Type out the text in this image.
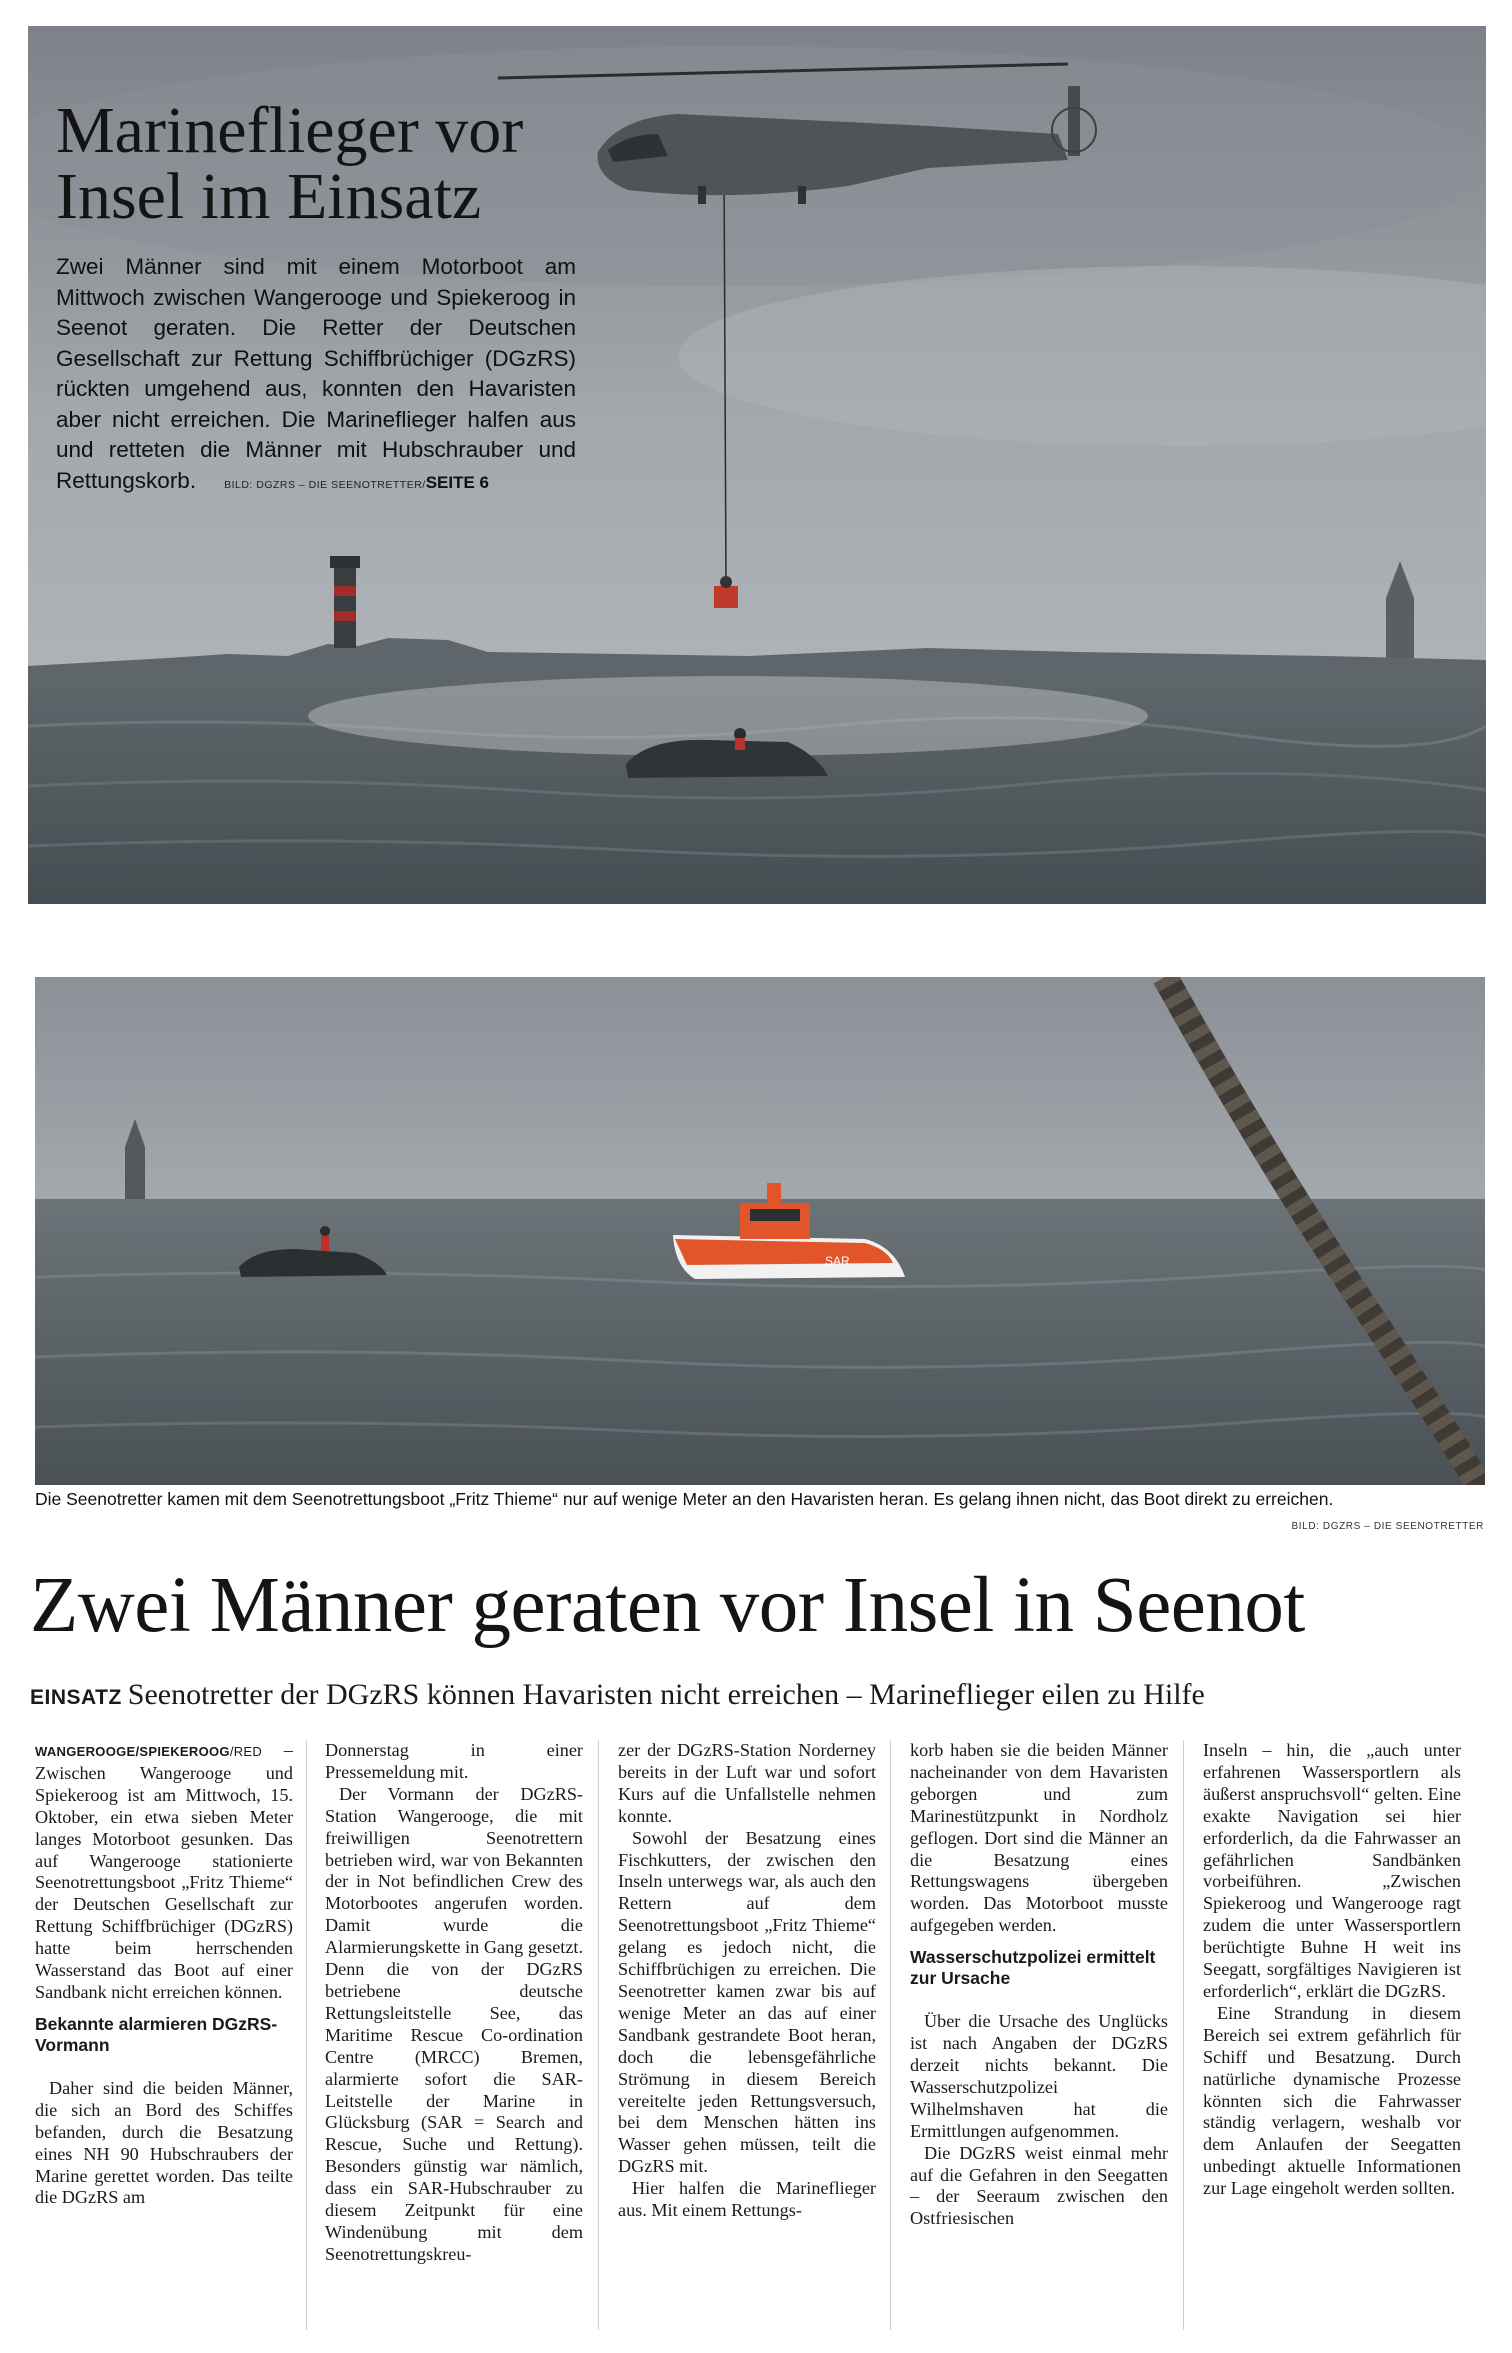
Marineflieger vor
Insel im Einsatz

Zwei Männer sind mit einem Motorboot am Mittwoch zwischen Wangerooge und Spiekeroog in Seenot geraten. Die Retter der Deutschen Gesellschaft zur Rettung Schiffbrüchiger (DGzRS) rückten umgehend aus, konnten den Havaristen aber nicht erreichen. Die Marineflieger halfen aus und retteten die Männer mit Hubschrauber und Rettungskorb.	BILD: DGZRS – DIE SEENOTRETTER/SEITE 6

SAR

Die Seenotretter kamen mit dem Seenotrettungsboot „Fritz Thieme“ nur auf wenige Meter an den Havaristen heran. Es gelang ihnen nicht, das Boot direkt zu erreichen.

BILD: DGZRS – DIE SEENOTRETTER
Zwei Männer geraten vor Insel in Seenot

EINSATZ Seenotretter der DGzRS können Havaristen nicht erreichen – Marineflieger eilen zu Hilfe

WANGEROOGE/SPIEKEROOG/RED – Zwischen Wangerooge und Spiekeroog ist am Mittwoch, 15. Oktober, ein etwa sieben Meter langes Motorboot gesunken. Das auf Wangerooge stationierte Seenotrettungsboot „Fritz Thieme“ der Deutschen Gesellschaft zur Rettung Schiffbrüchiger (DGzRS) hatte beim herrschenden Wasserstand das Boot auf einer Sandbank nicht erreichen können.

Bekannte alarmieren DGzRS-Vormann

Daher sind die beiden Männer, die sich an Bord des Schiffes befanden, durch die Besatzung eines NH 90 Hubschraubers der Marine gerettet worden. Das teilte die DGzRS am

Donnerstag in einer Pressemeldung mit.

Der Vormann der DGzRS-Station Wangerooge, die mit freiwilligen Seenotrettern betrieben wird, war von Bekannten der in Not befindlichen Crew des Motorbootes angerufen worden. Damit wurde die Alarmierungskette in Gang gesetzt. Denn die von der DGzRS betriebene deutsche Rettungsleitstelle See, das Maritime Rescue Co-ordination Centre (MRCC) Bremen, alarmierte sofort die SAR-Leitstelle der Marine in Glücksburg (SAR = Search and Rescue, Suche und Rettung). Besonders günstig war nämlich, dass ein SAR-Hubschrauber zu diesem Zeitpunkt für eine Windenübung mit dem Seenotrettungskreu-

zer der DGzRS-Station Norderney bereits in der Luft war und sofort Kurs auf die Unfallstelle nehmen konnte.

Sowohl der Besatzung eines Fischkutters, der zwischen den Inseln unterwegs war, als auch den Rettern auf dem Seenotrettungsboot „Fritz Thieme“ gelang es jedoch nicht, die Schiffbrüchigen zu erreichen. Die Seenotretter kamen zwar bis auf wenige Meter an das auf einer Sandbank gestrandete Boot heran, doch die lebensgefährliche Strömung in diesem Bereich vereitelte jeden Rettungsversuch, bei dem Menschen hätten ins Wasser gehen müssen, teilt die DGzRS mit.

Hier halfen die Marineflieger aus. Mit einem Rettungs-

korb haben sie die beiden Männer nacheinander von dem Havaristen geborgen und zum Marinestützpunkt in Nordholz geflogen. Dort sind die Männer an die Besatzung eines Rettungswagens übergeben worden. Das Motorboot musste aufgegeben werden.

Wasserschutzpolizei ermittelt zur Ursache

Über die Ursache des Unglücks ist nach Angaben der DGzRS derzeit nichts bekannt. Die Wasserschutzpolizei Wilhelmshaven hat die Ermittlungen aufgenommen.

Die DGzRS weist einmal mehr auf die Gefahren in den Seegatten – der Seeraum zwischen den Ostfriesischen

Inseln – hin, die „auch unter erfahrenen Wassersportlern als äußerst anspruchsvoll“ gelten. Eine exakte Navigation sei hier erforderlich, da die Fahrwasser an gefährlichen Sandbänken vorbeiführen. „Zwischen Spiekeroog und Wangerooge ragt zudem die unter Wassersportlern berüchtigte Buhne H weit ins Seegatt, sorgfältiges Navigieren ist erforderlich“, erklärt die DGzRS.

Eine Strandung in diesem Bereich sei extrem gefährlich für Schiff und Besatzung. Durch natürliche dynamische Prozesse könnten sich die Fahrwasser ständig verlagern, weshalb vor dem Anlaufen der Seegatten unbedingt aktuelle Informationen zur Lage eingeholt werden sollten.
